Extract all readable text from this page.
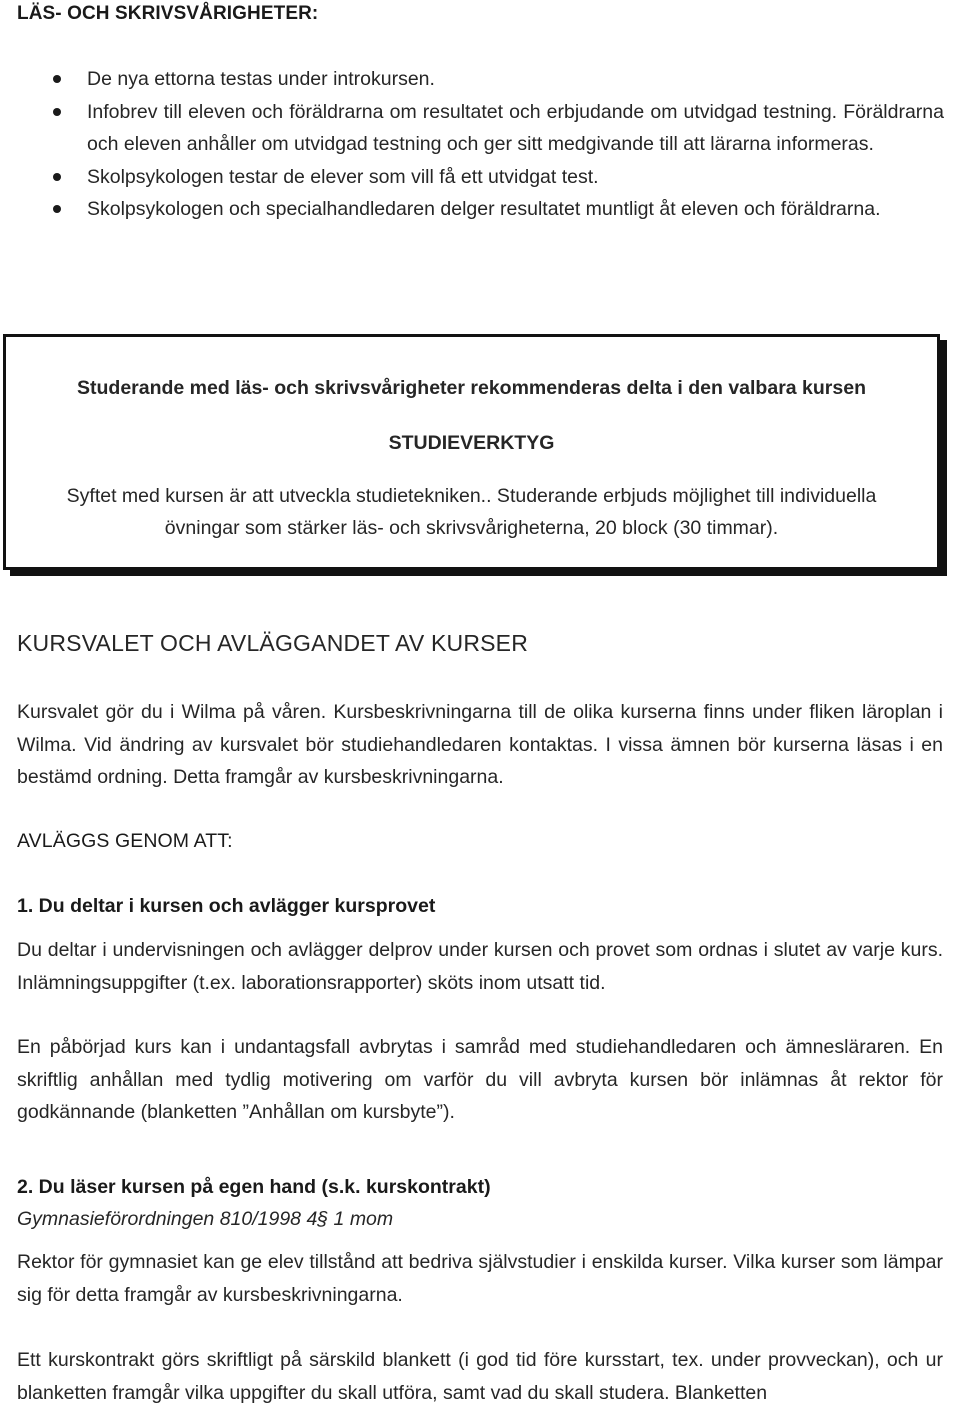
LÄS- OCH SKRIVSVÅRIGHETER:
De nya ettorna testas under introkursen.
Infobrev till eleven och föräldrarna om resultatet och erbjudande om utvidgad testning. Föräldrarna och eleven anhåller om utvidgad testning och ger sitt medgivande till att lärarna informeras.
Skolpsykologen testar de elever som vill få ett utvidgat test.
Skolpsykologen och specialhandledaren delger resultatet muntligt åt eleven och föräldrarna.
Studerande med läs- och skrivsvårigheter rekommenderas delta i den valbara kursen
STUDIEVERKTYG
Syftet med kursen är att utveckla studietekniken.. Studerande erbjuds möjlighet till individuella
övningar som stärker läs- och skrivsvårigheterna, 20 block (30 timmar).
KURSVALET OCH AVLÄGGANDET AV KURSER

Kursvalet gör du i Wilma på våren. Kursbeskrivningarna till de olika kurserna finns under fliken läroplan i Wilma. Vid ändring av kursvalet bör studiehandledaren kontaktas. I vissa ämnen bör kurserna läsas i en bestämd ordning. Detta framgår av kursbeskrivningarna.

AVLÄGGS GENOM ATT:
1. Du deltar i kursen och avlägger kursprovet

Du deltar i undervisningen och avlägger delprov under kursen och provet som ordnas i slutet av varje kurs. Inlämningsuppgifter (t.ex. laborationsrapporter) sköts inom utsatt tid.

En påbörjad kurs kan i undantagsfall avbrytas i samråd med studiehandledaren och ämnesläraren. En skriftlig anhållan med tydlig motivering om varför du vill avbryta kursen bör inlämnas åt rektor för godkännande (blanketten ”Anhållan om kursbyte”).

2. Du läser kursen på egen hand (s.k. kurskontrakt)
Gymnasieförordningen 810/1998 4§ 1 mom

Rektor för gymnasiet kan ge elev tillstånd att bedriva självstudier i enskilda kurser. Vilka kurser som lämpar sig för detta framgår av kursbeskrivningarna.

Ett kurskontrakt görs skriftligt på särskild blankett (i god tid före kursstart, tex. under provveckan), och ur blanketten framgår vilka uppgifter du skall utföra, samt vad du skall studera. Blanketten
